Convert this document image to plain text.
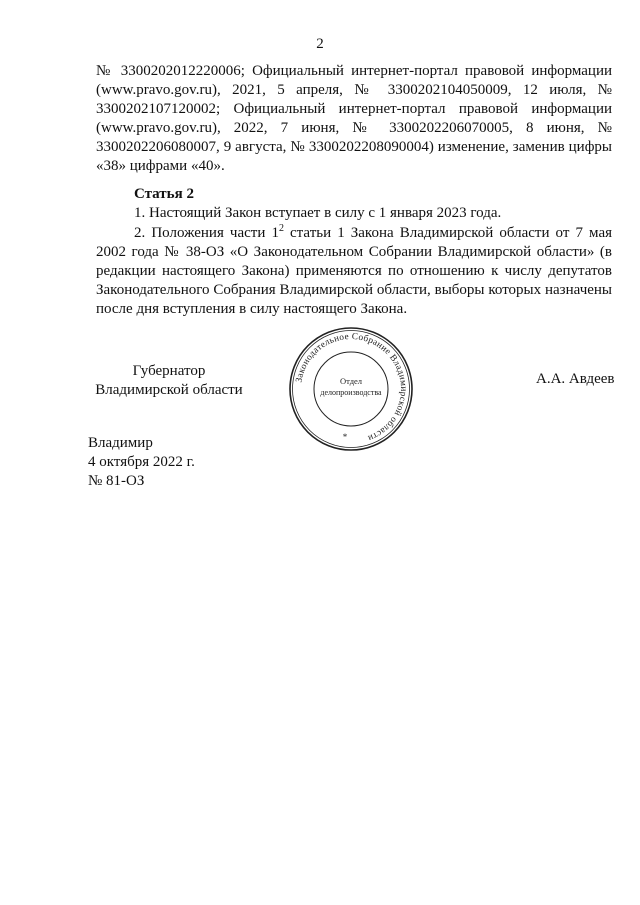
2
№ 3300202012220006; Официальный интернет-портал правовой информации (www.pravo.gov.ru), 2021, 5 апреля, № 3300202104050009, 12 июля, № 3300202107120002; Официальный интернет-портал правовой информации (www.pravo.gov.ru), 2022, 7 июня, № 3300202206070005, 8 июня, № 3300202206080007, 9 августа, № 3300202208090004) изменение, заменив цифры «38» цифрами «40».
Статья 2
1. Настоящий Закон вступает в силу с 1 января 2023 года.
2. Положения части $1^2$ статьи 1 Закона Владимирской области от 7 мая 2002 года № 38-ОЗ «О Законодательном Собрании Владимирской области» (в редакции настоящего Закона) применяются по отношению к числу депутатов Законодательного Собрания Владимирской области, выборы которых назначены после дня вступления в силу настоящего Закона.
Губернатор
Владимирской области
Законодательное Собрание Владимирской области
Отдел
делопроизводства
*
А.А. Авдеев
Владимир
4 октября 2022 г.
№ 81-ОЗ
